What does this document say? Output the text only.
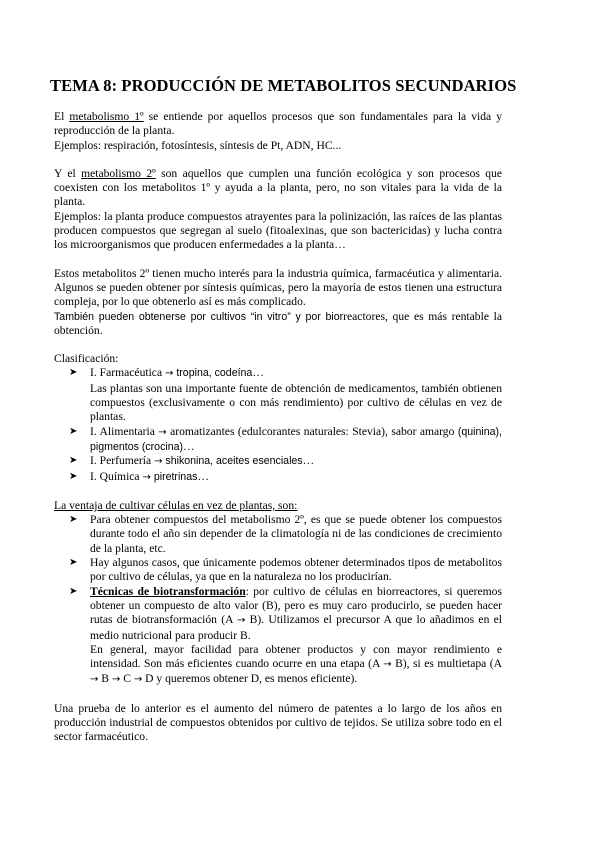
TEMA 8: PRODUCCIÓN DE METABOLITOS SECUNDARIOS

El metabolismo 1º se entiende por aquellos procesos que son fundamentales para la vida y reproducción de la planta.

Ejemplos: respiración, fotosíntesis, síntesis de Pt, ADN, HC...

Y el metabolismo 2º son aquellos que cumplen una función ecológica y son procesos que coexisten con los metabolitos 1º y ayuda a la planta, pero, no son vitales para la vida de la planta.

Ejemplos: la planta produce compuestos atrayentes para la polinización, las raíces de las plantas producen compuestos que segregan al suelo (fitoalexinas, que son bactericidas) y lucha contra los microorganismos que producen enfermedades a la planta…

Estos metabolitos 2º tienen mucho interés para la industria química, farmacéutica y alimentaria. Algunos se pueden obtener por síntesis químicas, pero la mayoría de estos tienen una estructura compleja, por lo que obtenerlo así es más complicado.

También pueden obtenerse por cultivos “in vitro” y por biorreactores, que es más rentable la obtención.

Clasificación:

➤ I. Farmacéutica → tropina, codeína…

Las plantas son una importante fuente de obtención de medicamentos, también obtienen compuestos (exclusivamente o con más rendimiento) por cultivo de células en vez de plantas.

➤ I. Alimentaria → aromatizantes (edulcorantes naturales: Stevia), sabor amargo (quinina), pigmentos (crocina)…

➤ I. Perfumería → shikonina, aceites esenciales…

➤ I. Química → piretrinas…

La ventaja de cultivar células en vez de plantas, son:

➤ Para obtener compuestos del metabolismo 2º, es que se puede obtener los compuestos durante todo el año sin depender de la climatología ni de las condiciones de crecimiento de la planta, etc.

➤ Hay algunos casos, que únicamente podemos obtener determinados tipos de metabolitos por cultivo de células, ya que en la naturaleza no los producirían.

➤ Técnicas de biotransformación: por cultivo de células en biorreactores, si queremos obtener un compuesto de alto valor (B), pero es muy caro producirlo, se pueden hacer rutas de biotransformación (A → B). Utilizamos el precursor A que lo añadimos en el medio nutricional para producir B.

En general, mayor facilidad para obtener productos y con mayor rendimiento e intensidad. Son más eficientes cuando ocurre en una etapa (A → B), si es multietapa (A → B → C → D y queremos obtener D, es menos eficiente).

Una prueba de lo anterior es el aumento del número de patentes a lo largo de los años en producción industrial de compuestos obtenidos por cultivo de tejidos. Se utiliza sobre todo en el sector farmacéutico.
